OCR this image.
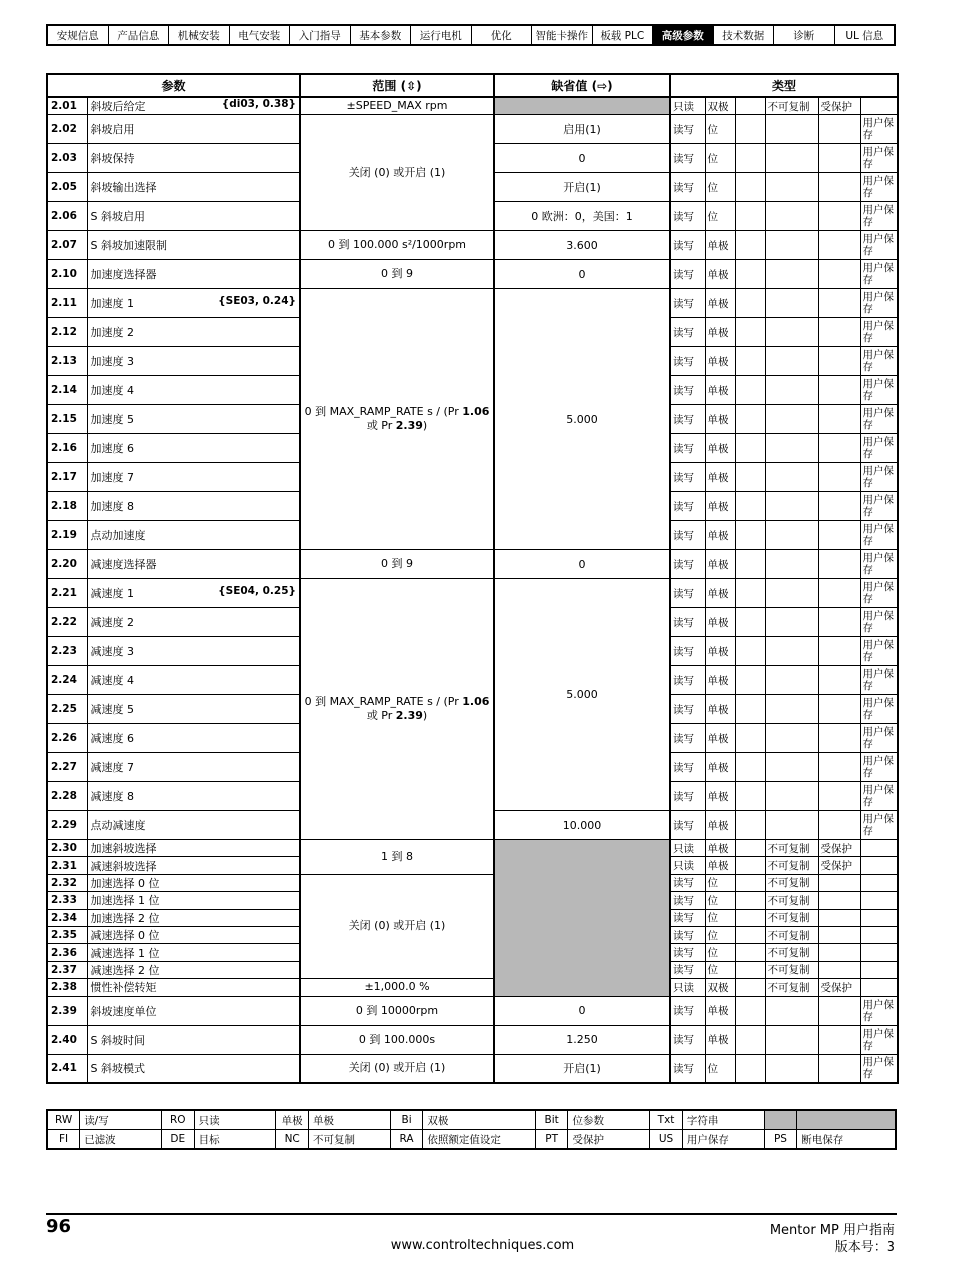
安规信息	产品信息	机械安装	电气安装	入门指导	基本参数	运行电机	优化	智能卡操作	板载 PLC	高级参数	技术数据	诊断	UL 信息
参数		范围 (⇳)	缺省值 (⇨)	类型					
2.01	斜坡后给定 {di03, 0.38}	±SPEED_MAX rpm		只读	双极		不可复制	受保护	
2.02	斜坡启用	关闭 (0) 或开启 (1)	启用(1)	读写	位				用户保存
2.03	斜坡保持		0	读写	位				用户保存
2.05	斜坡输出选择		开启(1)	读写	位				用户保存
2.06	S 斜坡启用		0 欧洲：0，美国：1	读写	位				用户保存
2.07	S 斜坡加速限制	0 到 100.000 s²/1000rpm	3.600	读写	单极				用户保存
2.10	加速度选择器	0 到 9	0	读写	单极				用户保存
2.11	加速度 1 {SE03, 0.24}	0 到 MAX_RAMP_RATE s / (Pr 1.06 或 Pr 2.39)	5.000	读写	单极				用户保存
2.12	加速度 2			读写	单极				用户保存
2.13	加速度 3			读写	单极				用户保存
2.14	加速度 4			读写	单极				用户保存
2.15	加速度 5			读写	单极				用户保存
2.16	加速度 6			读写	单极				用户保存
2.17	加速度 7			读写	单极				用户保存
2.18	加速度 8			读写	单极				用户保存
2.19	点动加速度			读写	单极				用户保存
2.20	减速度选择器	0 到 9	0	读写	单极				用户保存
2.21	减速度 1 {SE04, 0.25}	0 到 MAX_RAMP_RATE s / (Pr 1.06 或 Pr 2.39)	5.000	读写	单极				用户保存
2.22	减速度 2			读写	单极				用户保存
2.23	减速度 3			读写	单极				用户保存
2.24	减速度 4			读写	单极				用户保存
2.25	减速度 5			读写	单极				用户保存
2.26	减速度 6			读写	单极				用户保存
2.27	减速度 7			读写	单极				用户保存
2.28	减速度 8			读写	单极				用户保存
2.29	点动减速度		10.000	读写	单极				用户保存
2.30	加速斜坡选择	1 到 8		只读	单极		不可复制	受保护	
2.31	减速斜坡选择			只读	单极		不可复制	受保护	
2.32	加速选择 0 位	关闭 (0) 或开启 (1)		读写	位		不可复制		
2.33	加速选择 1 位			读写	位		不可复制		
2.34	加速选择 2 位			读写	位		不可复制		
2.35	减速选择 0 位			读写	位		不可复制		
2.36	减速选择 1 位			读写	位		不可复制		
2.37	减速选择 2 位			读写	位		不可复制		
2.38	惯性补偿转矩	±1,000.0 %		只读	双极		不可复制	受保护	
2.39	斜坡速度单位	0 到 10000rpm	0	读写	单极				用户保存
2.40	S 斜坡时间	0 到 100.000s	1.250	读写	单极				用户保存
2.41	S 斜坡模式	关闭 (0) 或开启 (1)	开启(1)	读写	位				用户保存
RW	读/写	RO	只读	单极	单极	Bi	双极	Bit	位参数	Txt	字符串		
FI	已滤波	DE	目标	NC	不可复制	RA	依照额定值设定	PT	受保护	US	用户保存	PS	断电保存
96	Mentor MP 用户指南
版本号：3
www.controltechniques.com
